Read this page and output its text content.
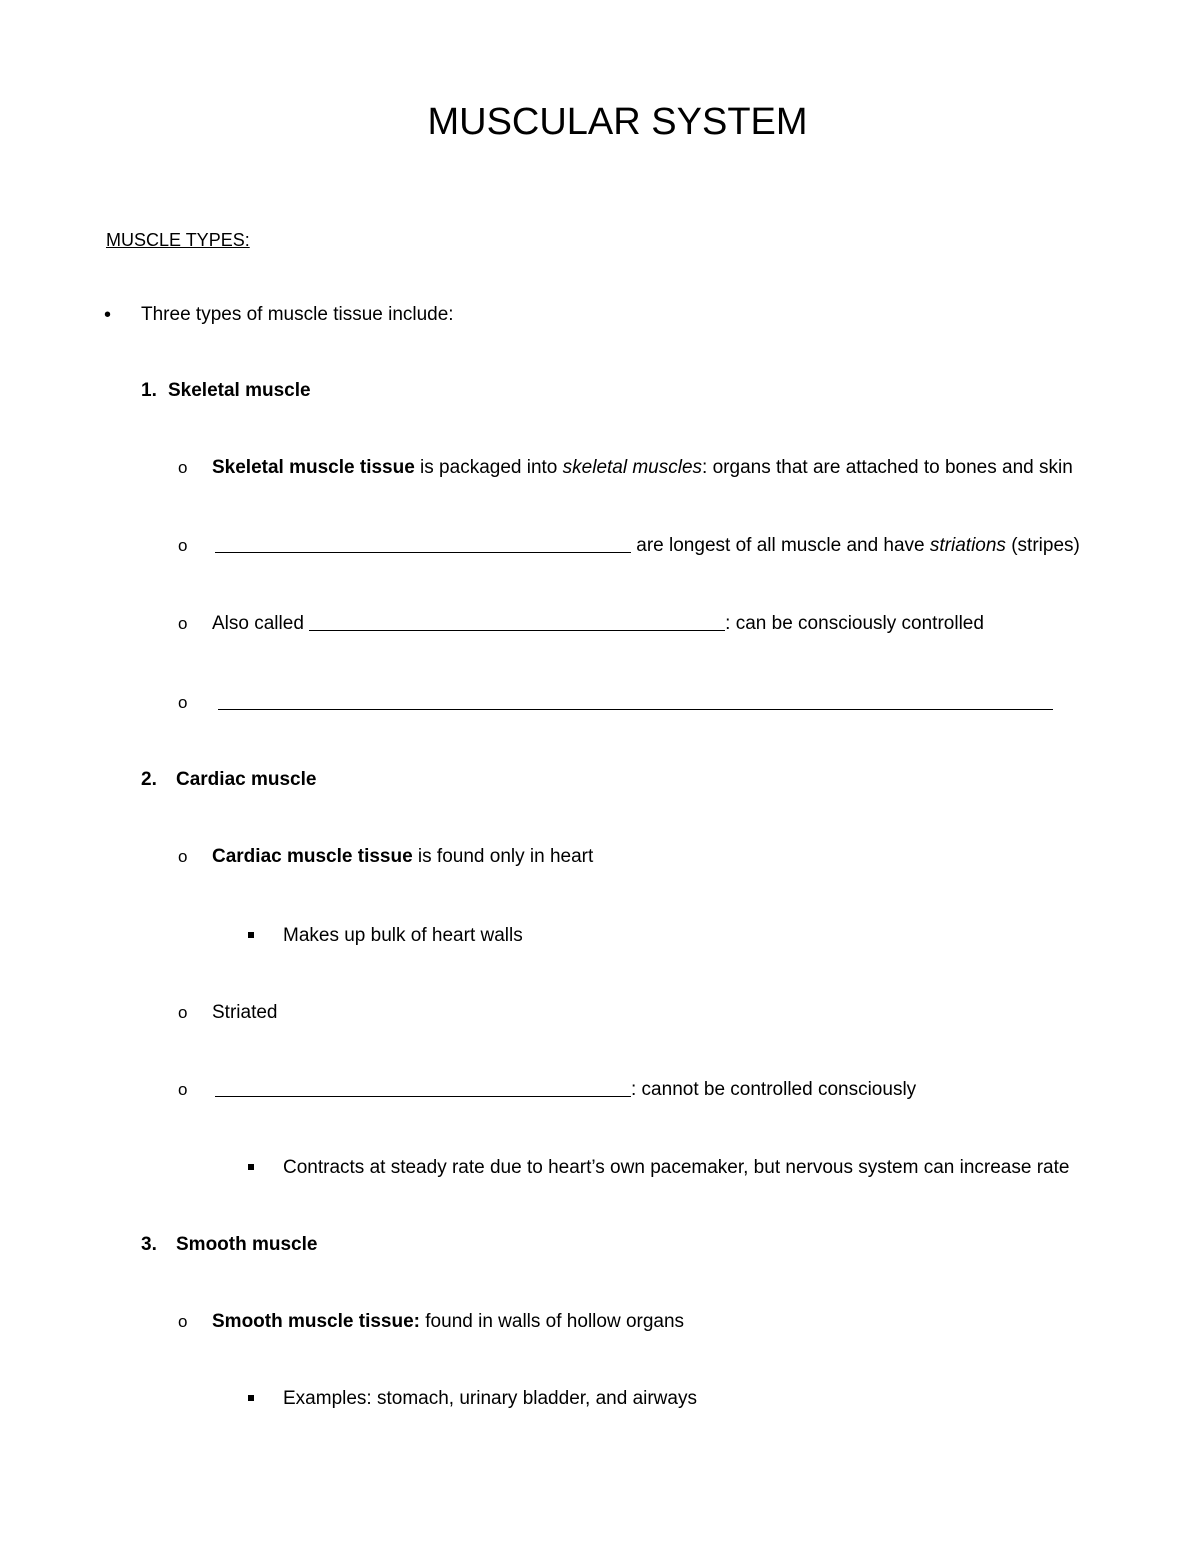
MUSCULAR SYSTEM
MUSCLE TYPES:
• Three types of muscle tissue include:
1. Skeletal muscle
o Skeletal muscle tissue is packaged into skeletal muscles: organs that are attached to bones and skin
o	are longest of all muscle and have striations (stripes)
o Also called	: can be consciously controlled
o
2. Cardiac muscle
o Cardiac muscle tissue is found only in heart
Makes up bulk of heart walls
o Striated
o	: cannot be controlled consciously
Contracts at steady rate due to heart’s own pacemaker, but nervous system can increase rate
3. Smooth muscle
o Smooth muscle tissue: found in walls of hollow organs
Examples: stomach, urinary bladder, and airways
